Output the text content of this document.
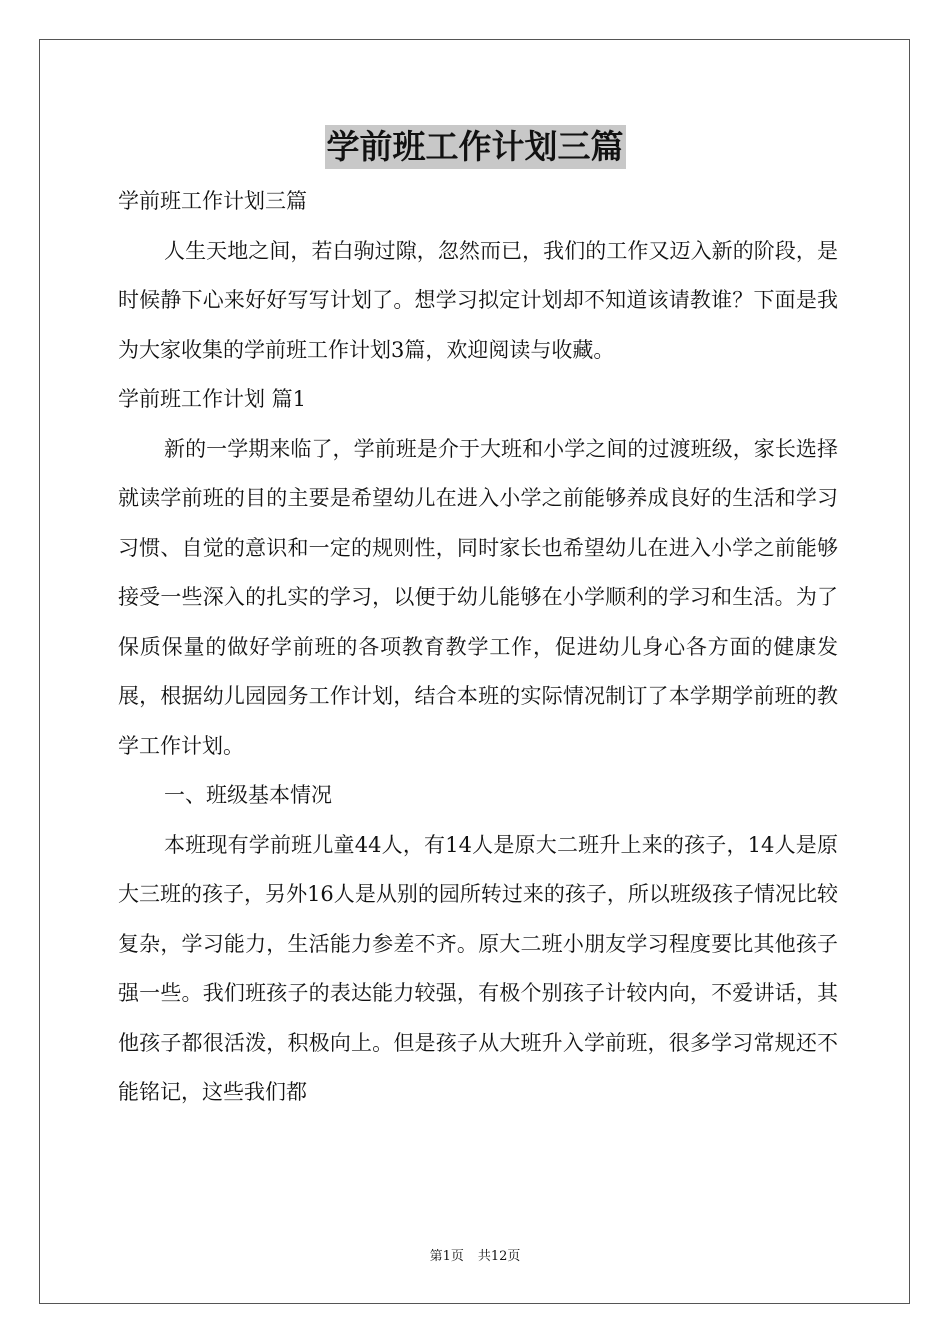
学前班工作计划三篇

学前班工作计划三篇

人生天地之间，若白驹过隙，忽然而已，我们的工作又迈入新的阶段，是时候静下心来好好写写计划了。想学习拟定计划却不知道该请教谁？下面是我为大家收集的学前班工作计划3篇，欢迎阅读与收藏。

学前班工作计划 篇1

新的一学期来临了，学前班是介于大班和小学之间的过渡班级，家长选择就读学前班的目的主要是希望幼儿在进入小学之前能够养成良好的生活和学习习惯、自觉的意识和一定的规则性，同时家长也希望幼儿在进入小学之前能够接受一些深入的扎实的学习，以便于幼儿能够在小学顺利的学习和生活。为了保质保量的做好学前班的各项教育教学工作，促进幼儿身心各方面的健康发展，根据幼儿园园务工作计划，结合本班的实际情况制订了本学期学前班的教学工作计划。

一、班级基本情况

本班现有学前班儿童44人，有14人是原大二班升上来的孩子，14人是原大三班的孩子，另外16人是从别的园所转过来的孩子，所以班级孩子情况比较复杂，学习能力，生活能力参差不齐。原大二班小朋友学习程度要比其他孩子强一些。我们班孩子的表达能力较强，有极个别孩子计较内向，不爱讲话，其他孩子都很活泼，积极向上。但是孩子从大班升入学前班，很多学习常规还不能铭记，这些我们都

第1页 共12页
